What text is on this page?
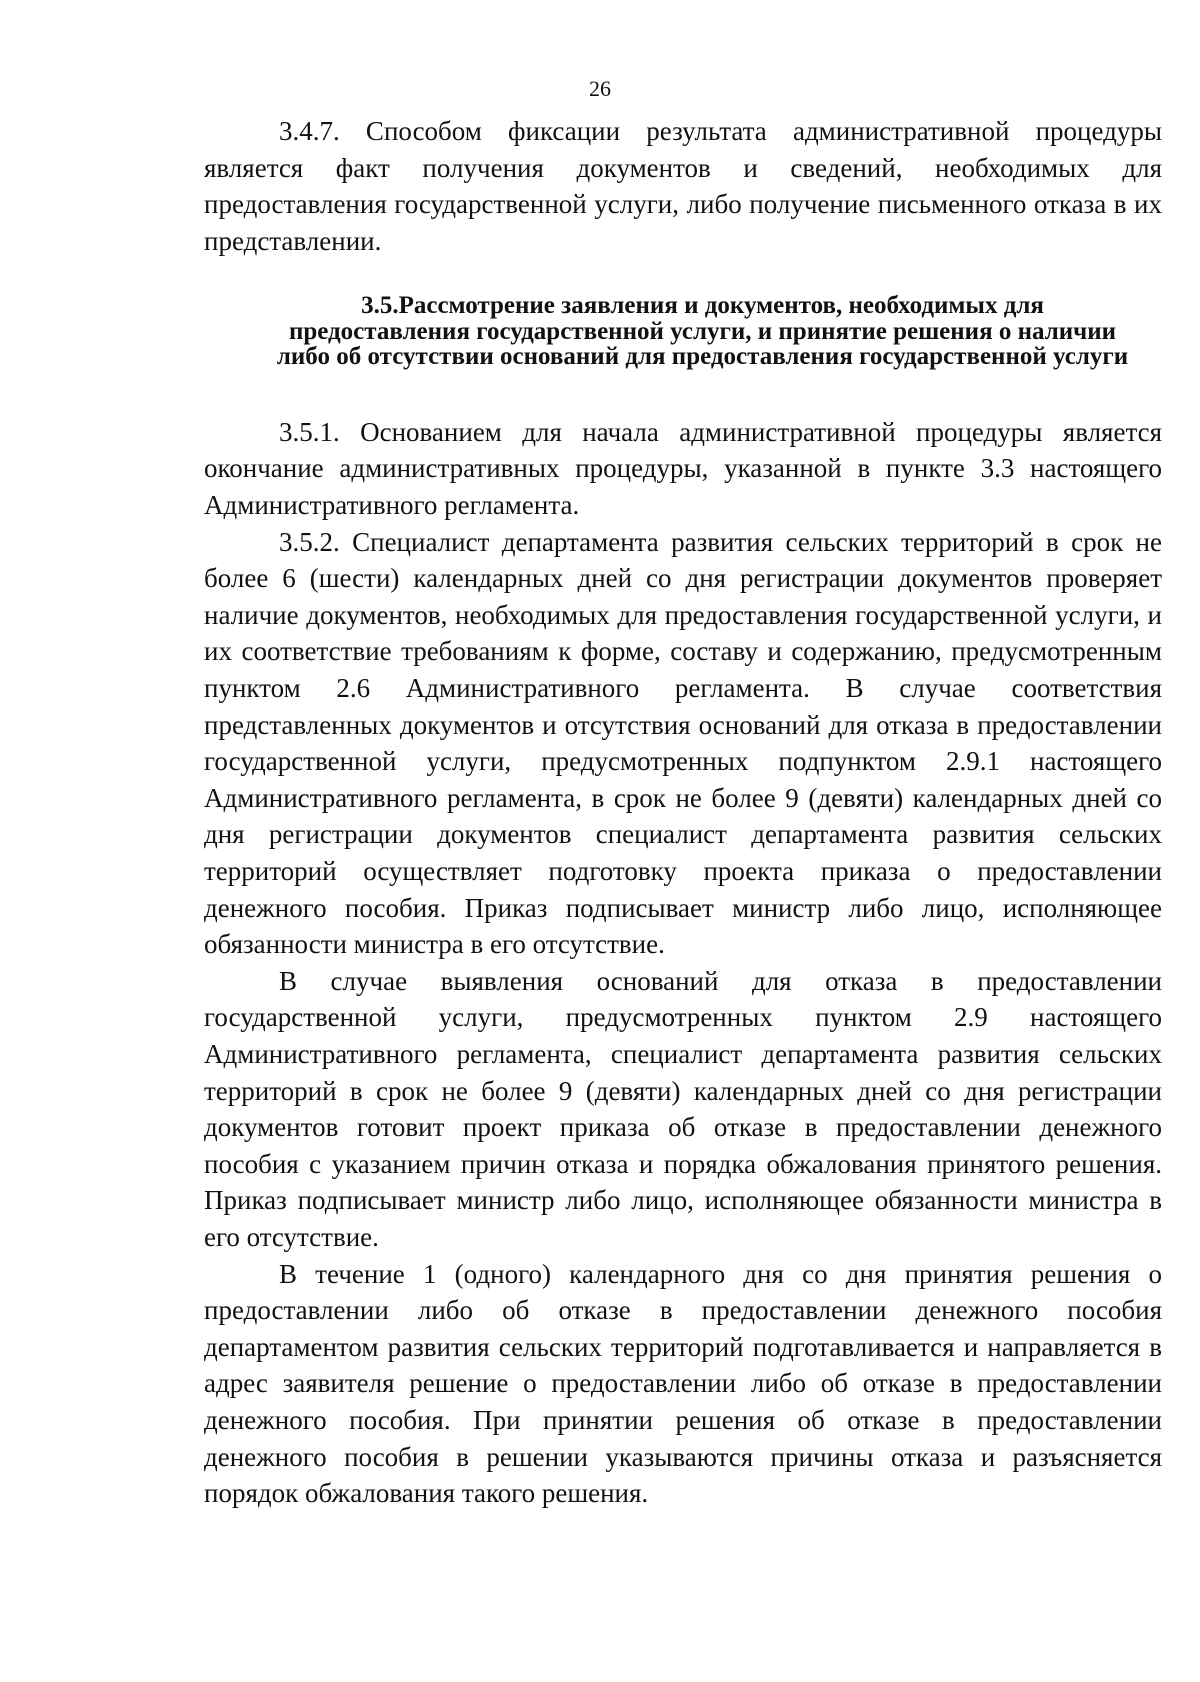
26

3.4.7. Способом фиксации результата административной процедуры является факт получения документов и сведений, необходимых для предоставления государственной услуги, либо получение письменного отказа в их представлении.

3.5.Рассмотрение заявления и документов, необходимых для предоставления государственной услуги, и принятие решения о наличии либо об отсутствии оснований для предоставления государственной услуги

3.5.1. Основанием для начала административной процедуры является окончание административных процедуры, указанной в пункте 3.3 настоящего Административного регламента.

3.5.2. Специалист департамента развития сельских территорий в срок не более 6 (шести) календарных дней со дня регистрации документов проверяет наличие документов, необходимых для предоставления государственной услуги, и их соответствие требованиям к форме, составу и содержанию, предусмотренным пунктом 2.6 Административного регламента. В случае соответствия представленных документов и отсутствия оснований для отказа в предоставлении государственной услуги, предусмотренных подпунктом 2.9.1 настоящего Административного регламента, в срок не более 9 (девяти) календарных дней со дня регистрации документов специалист департамента развития сельских территорий осуществляет подготовку проекта приказа о предоставлении денежного пособия. Приказ подписывает министр либо лицо, исполняющее обязанности министра в его отсутствие.

В случае выявления оснований для отказа в предоставлении государственной услуги, предусмотренных пунктом 2.9 настоящего Административного регламента, специалист департамента развития сельских территорий в срок не более 9 (девяти) календарных дней со дня регистрации документов готовит проект приказа об отказе в предоставлении денежного пособия с указанием причин отказа и порядка обжалования принятого решения. Приказ подписывает министр либо лицо, исполняющее обязанности министра в его отсутствие.

В течение 1 (одного) календарного дня со дня принятия решения о предоставлении либо об отказе в предоставлении денежного пособия департаментом развития сельских территорий подготавливается и направляется в адрес заявителя решение о предоставлении либо об отказе в предоставлении денежного пособия. При принятии решения об отказе в предоставлении денежного пособия в решении указываются причины отказа и разъясняется порядок обжалования такого решения.
